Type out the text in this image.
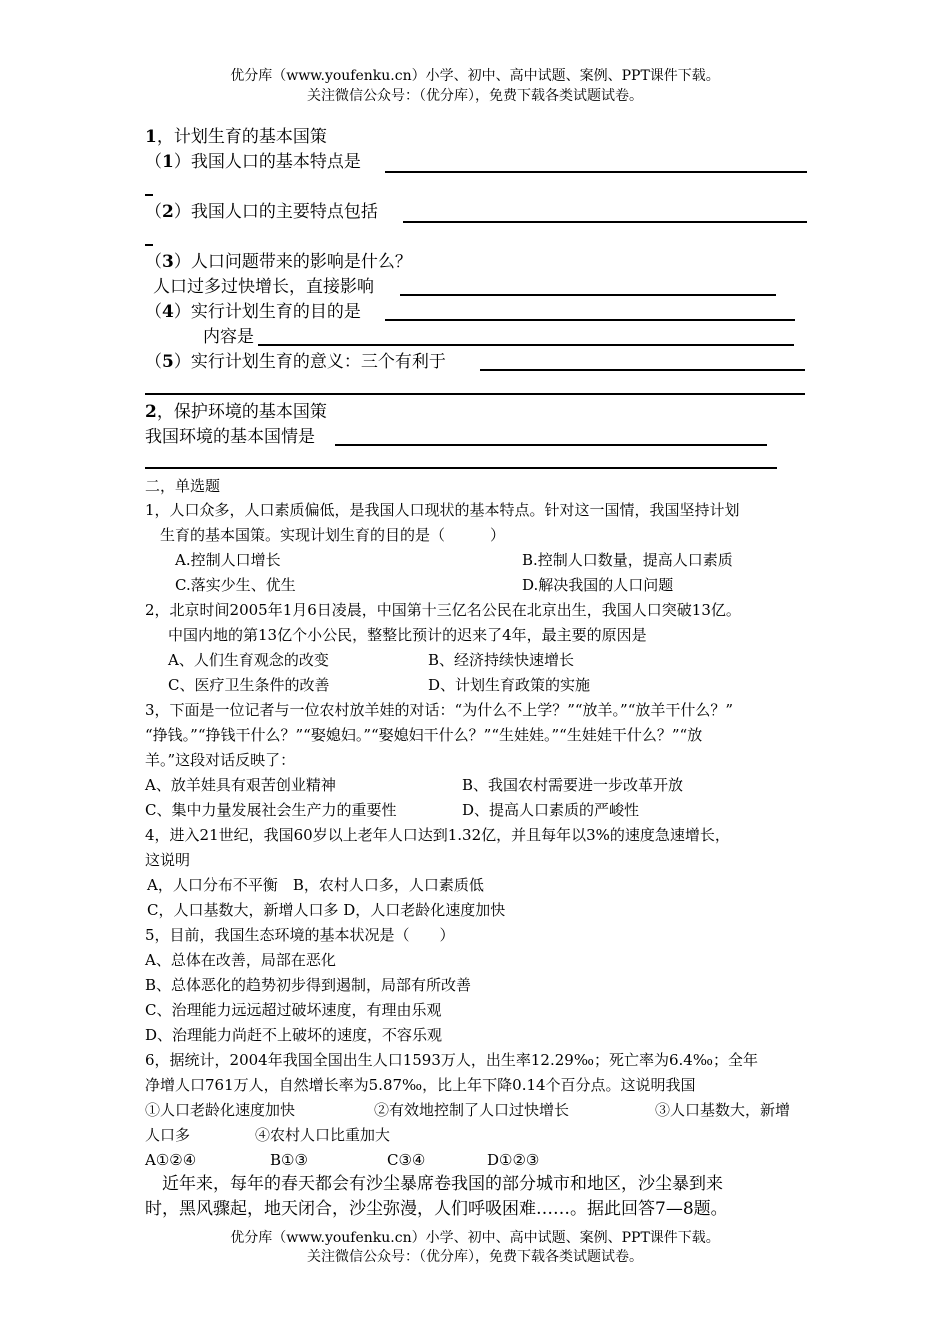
优分库（www.youfenku.cn）小学、初中、高中试题、案例、PPT课件下载。
关注微信公众号：（优分库），免费下载各类试题试卷。
1，计划生育的基本国策
（1）我国人口的基本特点是
（2）我国人口的主要特点包括
（3）人口问题带来的影响是什么？
人口过多过快增长，直接影响
（4）实行计划生育的目的是
内容是
（5）实行计划生育的意义：三个有利于
2，保护环境的基本国策
我国环境的基本国情是
二，单选题
1，人口众多，人口素质偏低，是我国人口现状的基本特点。针对这一国情，我国坚持计划
生育的基本国策。实现计划生育的目的是（　　　）
A.控制人口增长	B.控制人口数量，提高人口素质
C.落实少生、优生	D.解决我国的人口问题
2，北京时间2005年1月6日凌晨，中国第十三亿名公民在北京出生，我国人口突破13亿。
中国内地的第13亿个小公民，整整比预计的迟来了4年，最主要的原因是
A、人们生育观念的改变	B、经济持续快速增长
C、医疗卫生条件的改善	D、计划生育政策的实施
3，下面是一位记者与一位农村放羊娃的对话：“为什么不上学？”“放羊。”“放羊干什么？”
“挣钱。”“挣钱干什么？”“娶媳妇。”“娶媳妇干什么？”“生娃娃。”“生娃娃干什么？”“放
羊。”这段对话反映了：
A、放羊娃具有艰苦创业精神	B、我国农村需要进一步改革开放
C、集中力量发展社会生产力的重要性	D、提高人口素质的严峻性
4，进入21世纪，我国60岁以上老年人口达到1.32亿，并且每年以3%的速度急速增长，
这说明
A，人口分布不平衡　B，农村人口多，人口素质低
C，人口基数大，新增人口多 D，人口老龄化速度加快
5，目前，我国生态环境的基本状况是（　　）
A、总体在改善，局部在恶化
B、总体恶化的趋势初步得到遏制，局部有所改善
C、治理能力远远超过破坏速度，有理由乐观
D、治理能力尚赶不上破坏的速度，不容乐观
6，据统计，2004年我国全国出生人口1593万人，出生率12.29‰；死亡率为6.4‰；全年
净增人口761万人，自然增长率为5.87‰，比上年下降0.14个百分点。这说明我国
①人口老龄化速度加快	②有效地控制了人口过快增长	③人口基数大，新增
人口多	④农村人口比重加大
A①②④	B①③	C③④	D①②③
近年来，每年的春天都会有沙尘暴席卷我国的部分城市和地区，沙尘暴到来
时，黑风骤起，地天闭合，沙尘弥漫，人们呼吸困难……。据此回答7—8题。
优分库（www.youfenku.cn）小学、初中、高中试题、案例、PPT课件下载。
关注微信公众号：（优分库），免费下载各类试题试卷。
